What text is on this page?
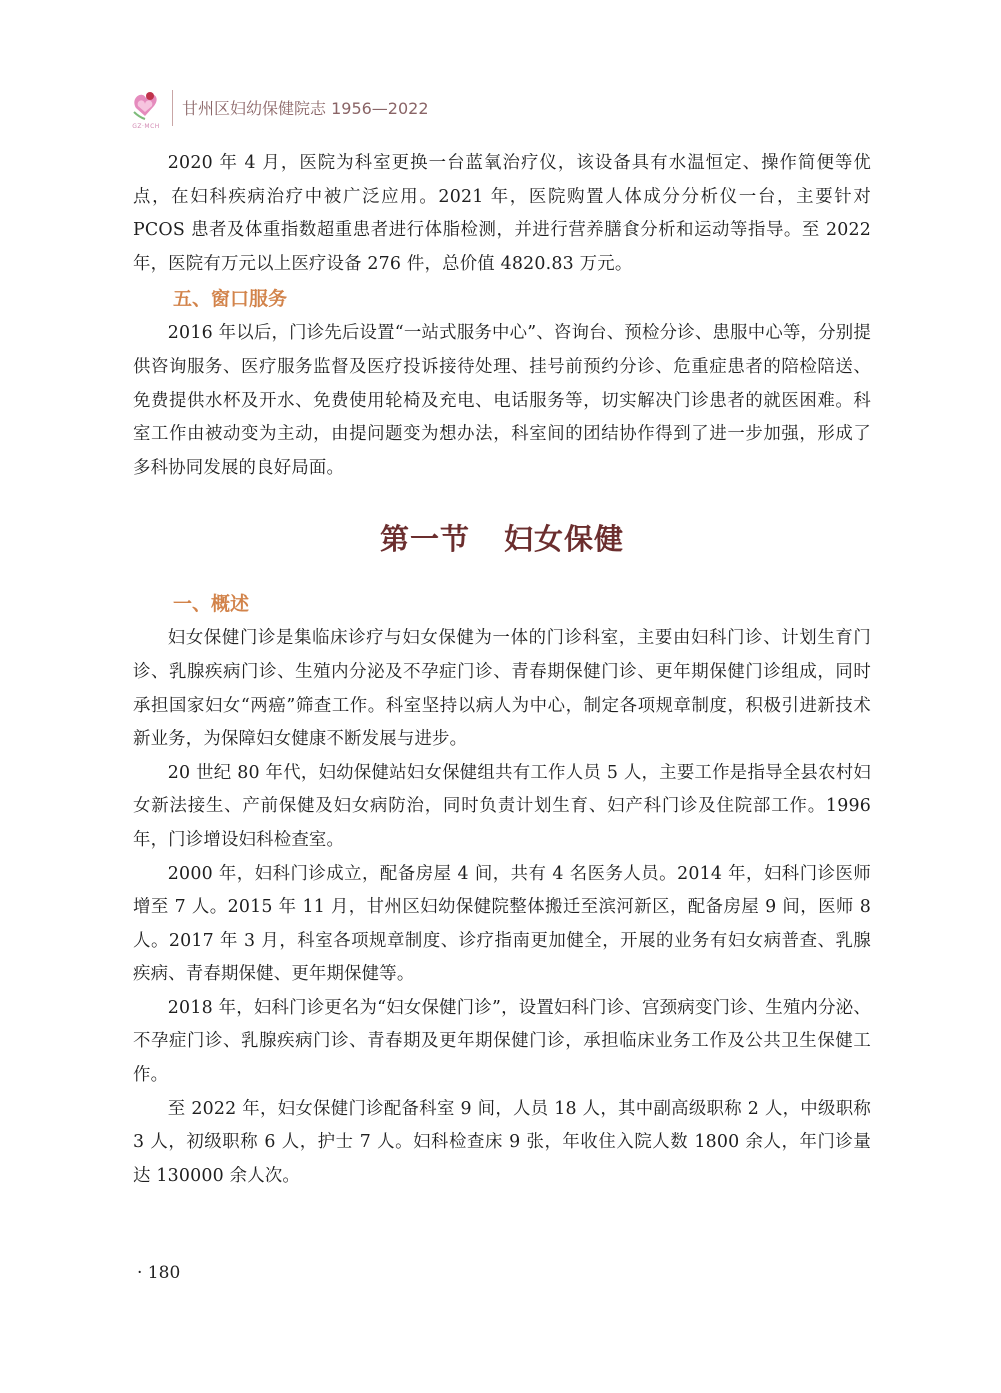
GZ·MCH
甘州区妇幼保健院志 1956—2022

2020 年 4 月，医院为科室更换一台蓝氧治疗仪，该设备具有水温恒定、操作简便等优点，在妇科疾病治疗中被广泛应用。2021 年，医院购置人体成分分析仪一台，主要针对 PCOS 患者及体重指数超重患者进行体脂检测，并进行营养膳食分析和运动等指导。至 2022 年，医院有万元以上医疗设备 276 件，总价值 4820.83 万元。

五、窗口服务

2016 年以后，门诊先后设置“一站式服务中心”、咨询台、预检分诊、患服中心等，分别提供咨询服务、医疗服务监督及医疗投诉接待处理、挂号前预约分诊、危重症患者的陪检陪送、免费提供水杯及开水、免费使用轮椅及充电、电话服务等，切实解决门诊患者的就医困难。科室工作由被动变为主动，由提问题变为想办法，科室间的团结协作得到了进一步加强，形成了多科协同发展的良好局面。

第一节 妇女保健
一、概述

妇女保健门诊是集临床诊疗与妇女保健为一体的门诊科室，主要由妇科门诊、计划生育门诊、乳腺疾病门诊、生殖内分泌及不孕症门诊、青春期保健门诊、更年期保健门诊组成，同时承担国家妇女“两癌”筛查工作。科室坚持以病人为中心，制定各项规章制度，积极引进新技术新业务，为保障妇女健康不断发展与进步。

20 世纪 80 年代，妇幼保健站妇女保健组共有工作人员 5 人，主要工作是指导全县农村妇女新法接生、产前保健及妇女病防治，同时负责计划生育、妇产科门诊及住院部工作。1996 年，门诊增设妇科检查室。

2000 年，妇科门诊成立，配备房屋 4 间，共有 4 名医务人员。2014 年，妇科门诊医师增至 7 人。2015 年 11 月，甘州区妇幼保健院整体搬迁至滨河新区，配备房屋 9 间，医师 8 人。2017 年 3 月，科室各项规章制度、诊疗指南更加健全，开展的业务有妇女病普查、乳腺疾病、青春期保健、更年期保健等。

2018 年，妇科门诊更名为“妇女保健门诊”，设置妇科门诊、宫颈病变门诊、生殖内分泌、不孕症门诊、乳腺疾病门诊、青春期及更年期保健门诊，承担临床业务工作及公共卫生保健工作。

至 2022 年，妇女保健门诊配备科室 9 间，人员 18 人，其中副高级职称 2 人，中级职称 3 人，初级职称 6 人，护士 7 人。妇科检查床 9 张，年收住入院人数 1800 余人，年门诊量达 130000 余人次。

· 180
